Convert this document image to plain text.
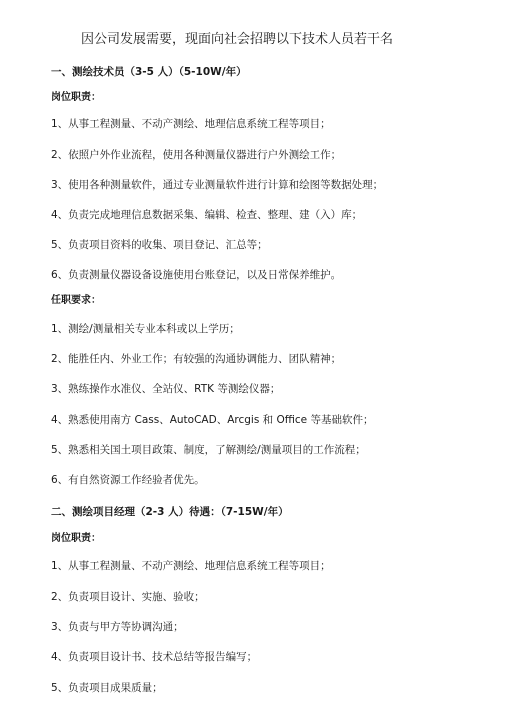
因公司发展需要，现面向社会招聘以下技术人员若干名
一、测绘技术员（3-5 人）（5-10W/年）
岗位职责：
1、从事工程测量、不动产测绘、地理信息系统工程等项目；
2、依照户外作业流程，使用各种测量仪器进行户外测绘工作；
3、使用各种测量软件，通过专业测量软件进行计算和绘图等数据处理；
4、负责完成地理信息数据采集、编辑、检查、整理、建（入）库；
5、负责项目资料的收集、项目登记、汇总等；
6、负责测量仪器设备设施使用台账登记，以及日常保养维护。
任职要求：
1、测绘/测量相关专业本科或以上学历；
2、能胜任内、外业工作；有较强的沟通协调能力、团队精神；
3、熟练操作水准仪、全站仪、RTK 等测绘仪器；
4、熟悉使用南方 Cass、AutoCAD、Arcgis 和 Office 等基础软件；
5、熟悉相关国土项目政策、制度，了解测绘/测量项目的工作流程；
6、有自然资源工作经验者优先。
二、测绘项目经理（2-3 人）待遇：（7-15W/年）
岗位职责：
1、从事工程测量、不动产测绘、地理信息系统工程等项目；
2、负责项目设计、实施、验收；
3、负责与甲方等协调沟通；
4、负责项目设计书、技术总结等报告编写；
5、负责项目成果质量；
